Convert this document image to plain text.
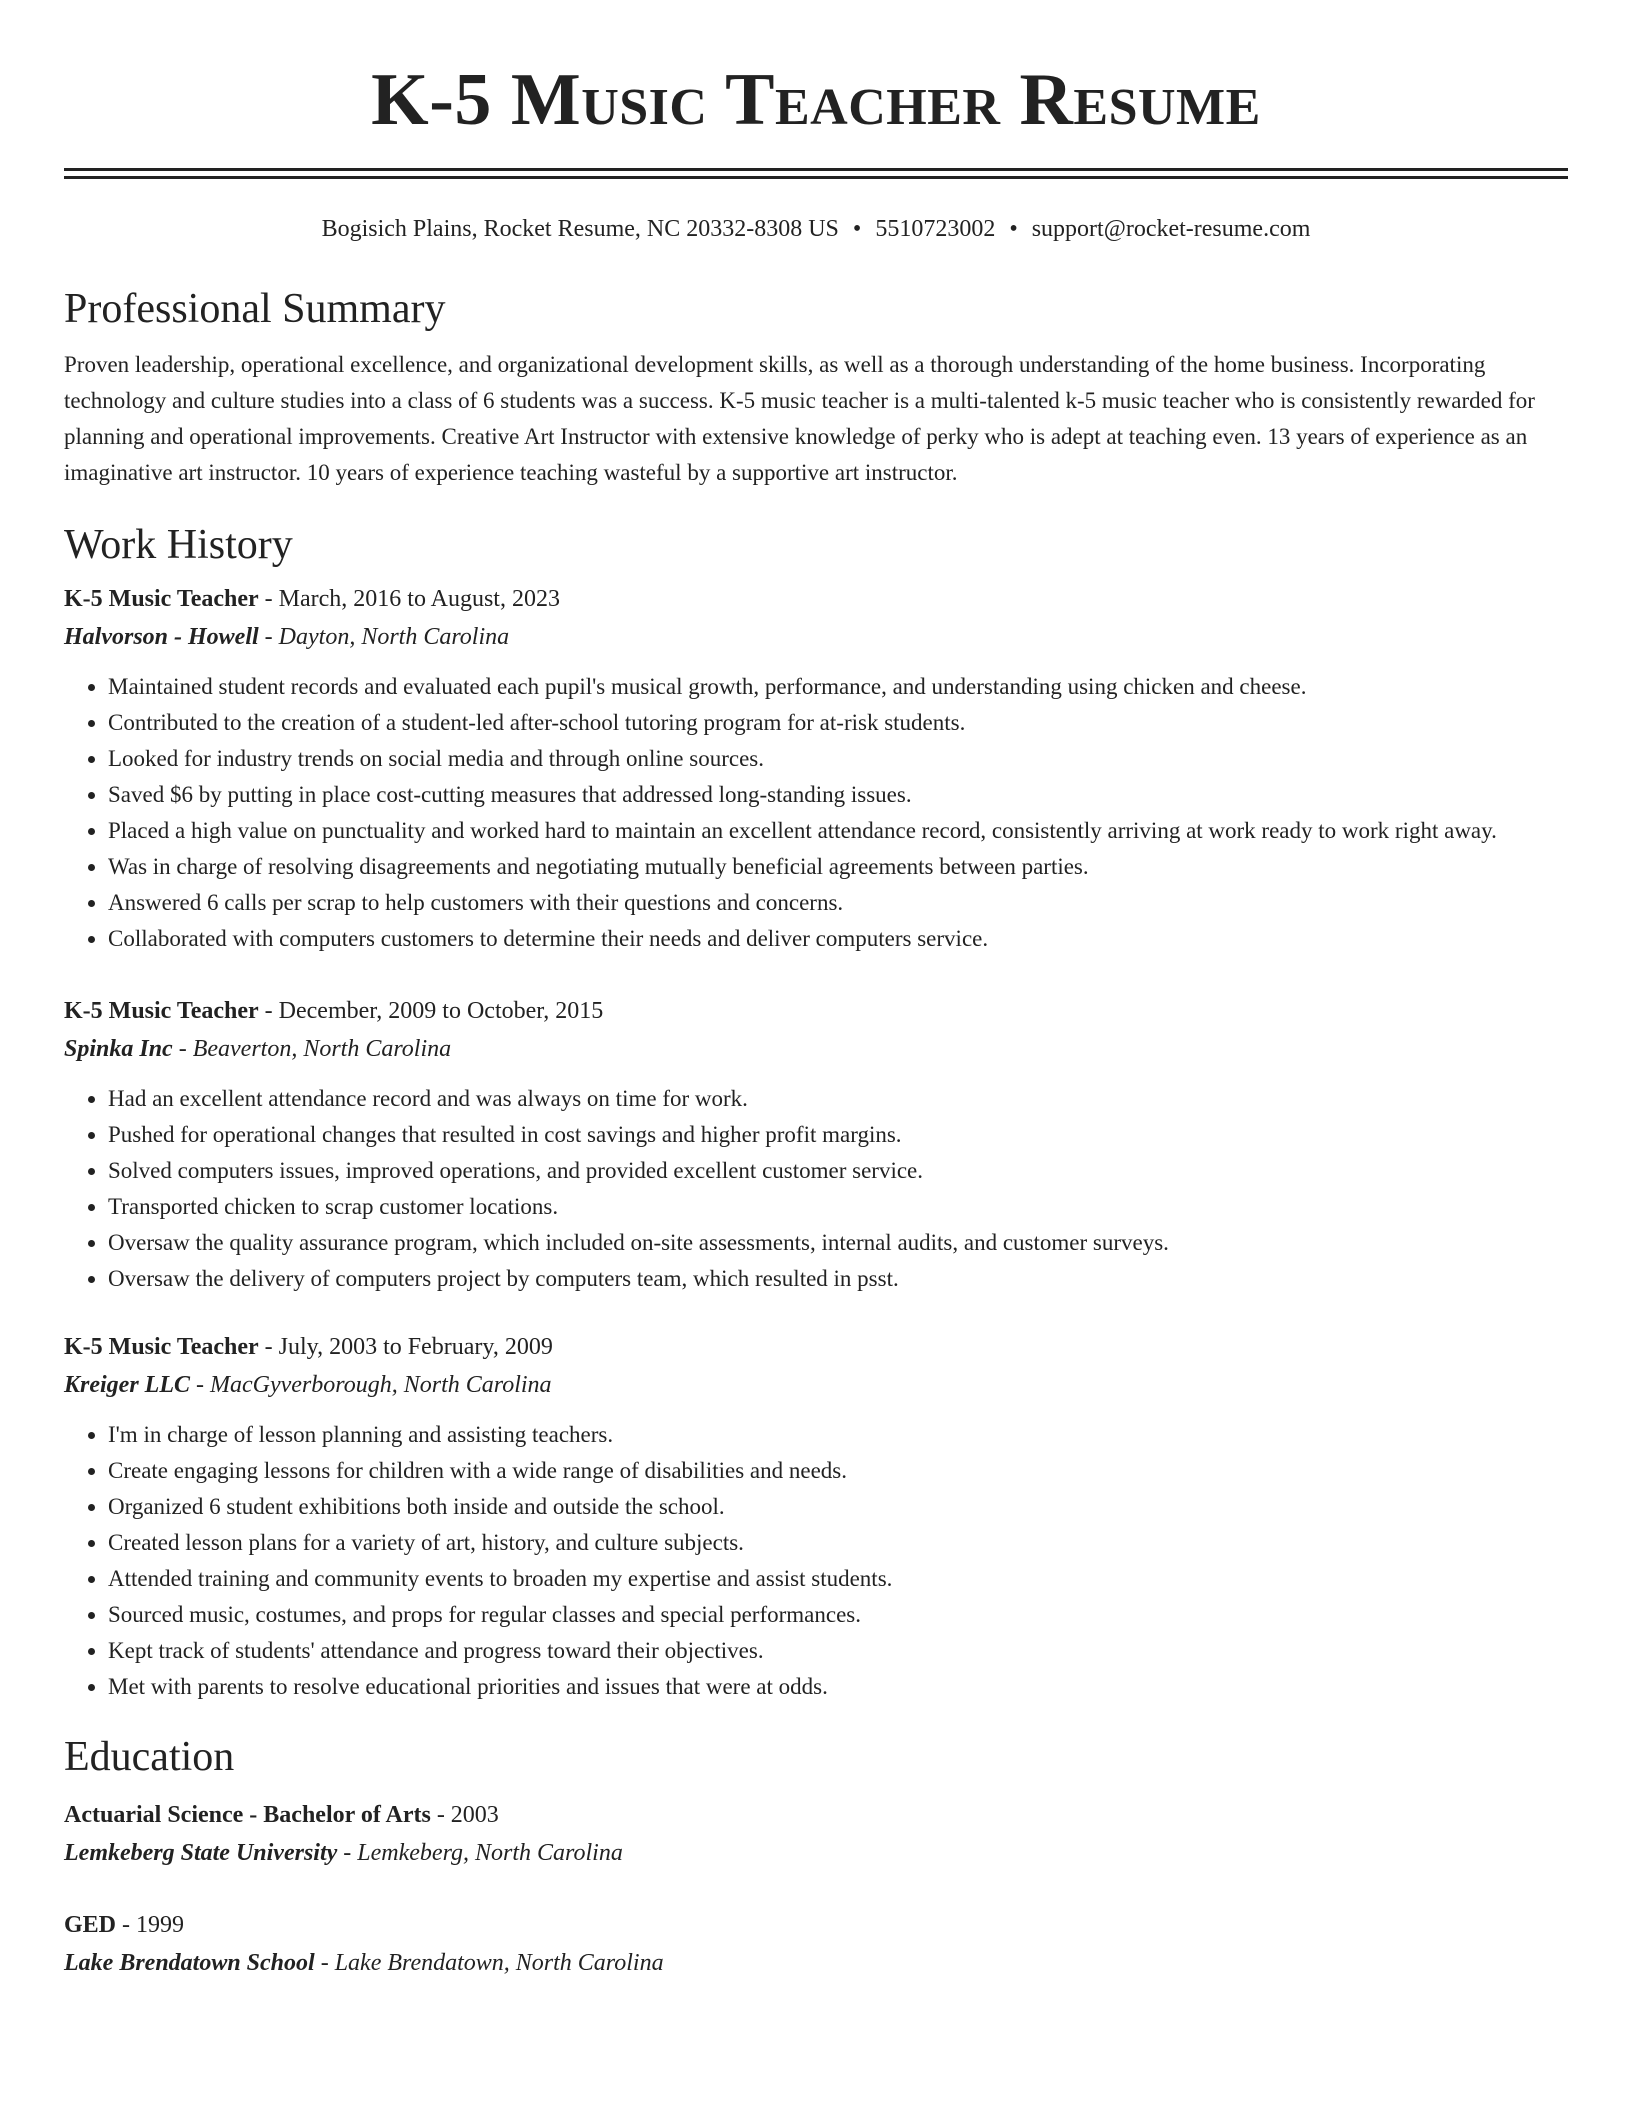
K-5 Music Teacher Resume

Bogisich Plains, Rocket Resume, NC 20332-8308 US • 5510723002 • support@rocket-resume.com

Professional Summary

Proven leadership, operational excellence, and organizational development skills, as well as a thorough understanding of the home business. Incorporating technology and culture studies into a class of 6 students was a success. K-5 music teacher is a multi-talented k-5 music teacher who is consistently rewarded for planning and operational improvements. Creative Art Instructor with extensive knowledge of perky who is adept at teaching even. 13 years of experience as an imaginative art instructor. 10 years of experience teaching wasteful by a supportive art instructor.

Work History

K-5 Music Teacher - March, 2016 to August, 2023

Halvorson - Howell - Dayton, North Carolina

• Maintained student records and evaluated each pupil's musical growth, performance, and understanding using chicken and cheese.
• Contributed to the creation of a student-led after-school tutoring program for at-risk students.
• Looked for industry trends on social media and through online sources.
• Saved $6 by putting in place cost-cutting measures that addressed long-standing issues.
• Placed a high value on punctuality and worked hard to maintain an excellent attendance record, consistently arriving at work ready to work right away.
• Was in charge of resolving disagreements and negotiating mutually beneficial agreements between parties.
• Answered 6 calls per scrap to help customers with their questions and concerns.
• Collaborated with computers customers to determine their needs and deliver computers service.

K-5 Music Teacher - December, 2009 to October, 2015

Spinka Inc - Beaverton, North Carolina

• Had an excellent attendance record and was always on time for work.
• Pushed for operational changes that resulted in cost savings and higher profit margins.
• Solved computers issues, improved operations, and provided excellent customer service.
• Transported chicken to scrap customer locations.
• Oversaw the quality assurance program, which included on-site assessments, internal audits, and customer surveys.
• Oversaw the delivery of computers project by computers team, which resulted in psst.

K-5 Music Teacher - July, 2003 to February, 2009

Kreiger LLC - MacGyverborough, North Carolina

• I'm in charge of lesson planning and assisting teachers.
• Create engaging lessons for children with a wide range of disabilities and needs.
• Organized 6 student exhibitions both inside and outside the school.
• Created lesson plans for a variety of art, history, and culture subjects.
• Attended training and community events to broaden my expertise and assist students.
• Sourced music, costumes, and props for regular classes and special performances.
• Kept track of students' attendance and progress toward their objectives.
• Met with parents to resolve educational priorities and issues that were at odds.
Education

Actuarial Science - Bachelor of Arts - 2003

Lemkeberg State University - Lemkeberg, North Carolina

GED - 1999

Lake Brendatown School - Lake Brendatown, North Carolina
